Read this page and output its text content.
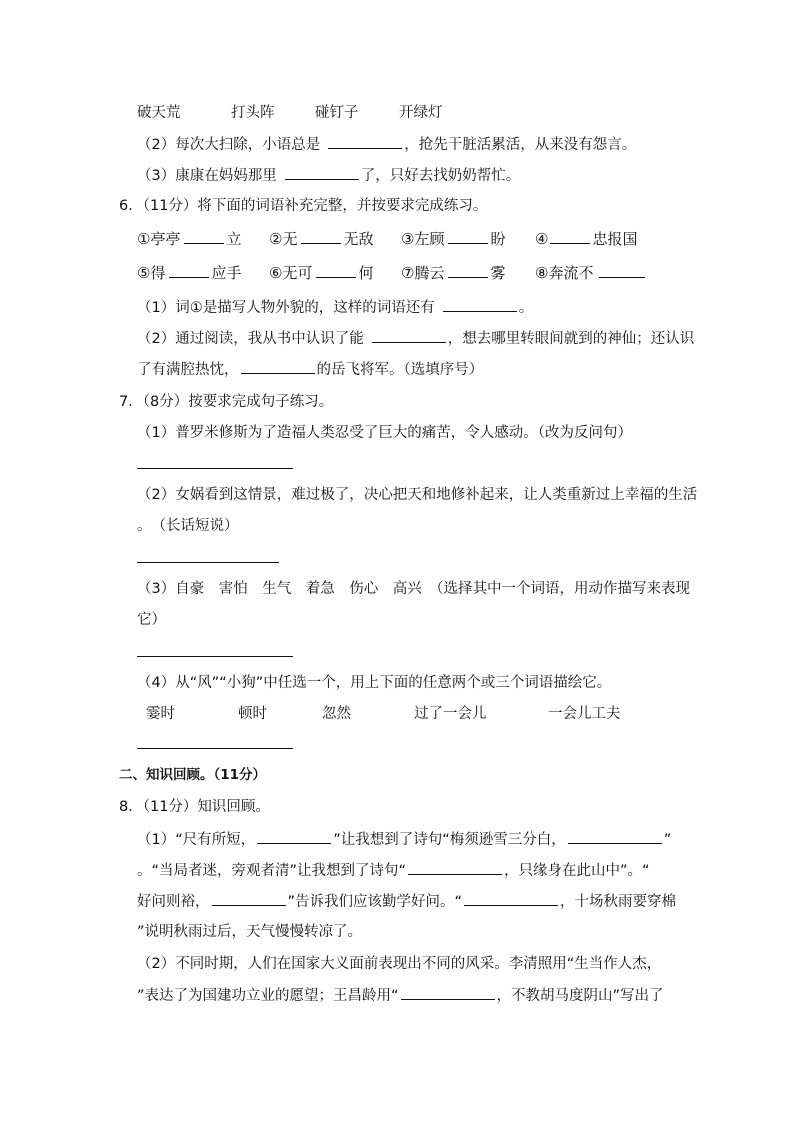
破天荒	打头阵	碰钉子	开绿灯
（2）每次大扫除，小语总是	，抢先干脏活累活，从来没有怨言。
（3）康康在妈妈那里	了，只好去找奶奶帮忙。
6．（11分）将下面的词语补充完整，并按要求完成练习。
①亭亭	立 ②无	无敌 ③左顾	盼 ④	忠报国
⑤得	应手 ⑥无可	何 ⑦腾云	雾 ⑧奔流不
（1）词①是描写人物外貌的，这样的词语还有	。
（2）通过阅读，我从书中认识了能	，想去哪里转眼间就到的神仙；还认识
了有满腔热忱，	的岳飞将军。（选填序号）
7．（8分）按要求完成句子练习。
（1）普罗米修斯为了造福人类忍受了巨大的痛苦，令人感动。（改为反问句）
（2）女娲看到这情景，难过极了，决心把天和地修补起来，让人类重新过上幸福的生活
。　（长话短说）
（3）自豪　害怕　生气　着急　伤心　高兴　（选择其中一个词语，用动作描写来表现
它）
（4）从“风”“小狗”中任选一个，用上下面的任意两个或三个词语描绘它。
霎时	顿时	忽然	过了一会儿	一会儿工夫
二、知识回顾。（11分）
8．（11分）知识回顾。
（1）“尺有所短，	”让我想到了诗句“梅须逊雪三分白，	”
。“当局者迷，旁观者清”让我想到了诗句“	，只缘身在此山中”。“
好问则裕，	”告诉我们应该勤学好问。“	，十场秋雨要穿棉
”说明秋雨过后，天气慢慢转凉了。
（2）不同时期，人们在国家大义面前表现出不同的风采。李清照用“生当作人杰，
”表达了为国建功立业的愿望；王昌龄用“	，不教胡马度阴山”写出了
